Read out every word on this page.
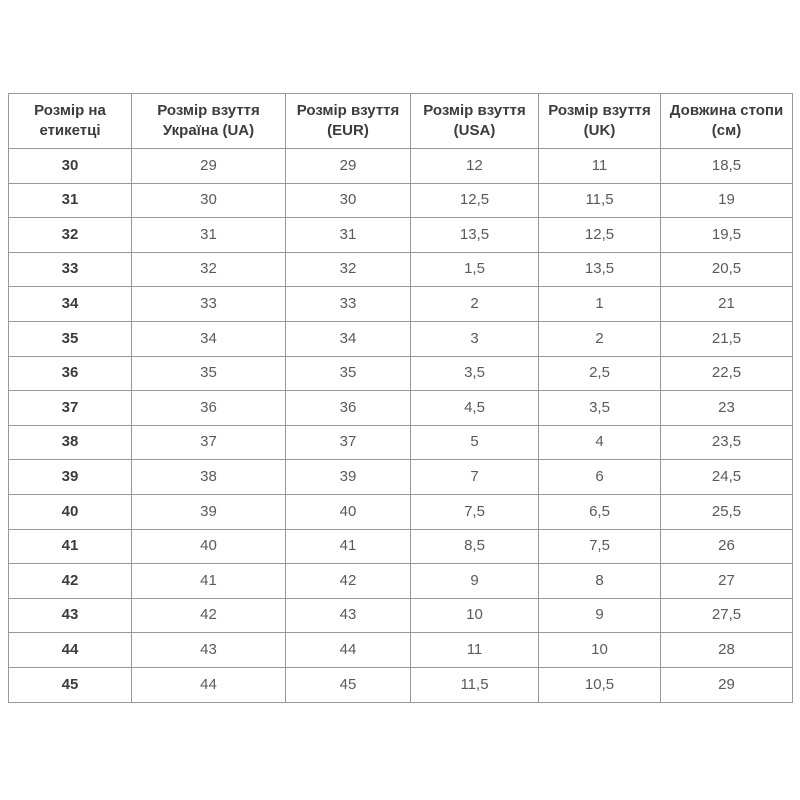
Розмір на етикетці	Розмір взуття Україна (UA)	Розмір взуття (EUR)	Розмір взуття (USA)	Розмір взуття (UK)	Довжина стопи (см)
30	29	29	12	11	18,5
31	30	30	12,5	11,5	19
32	31	31	13,5	12,5	19,5
33	32	32	1,5	13,5	20,5
34	33	33	2	1	21
35	34	34	3	2	21,5
36	35	35	3,5	2,5	22,5
37	36	36	4,5	3,5	23
38	37	37	5	4	23,5
39	38	39	7	6	24,5
40	39	40	7,5	6,5	25,5
41	40	41	8,5	7,5	26
42	41	42	9	8	27
43	42	43	10	9	27,5
44	43	44	11	10	28
45	44	45	11,5	10,5	29
